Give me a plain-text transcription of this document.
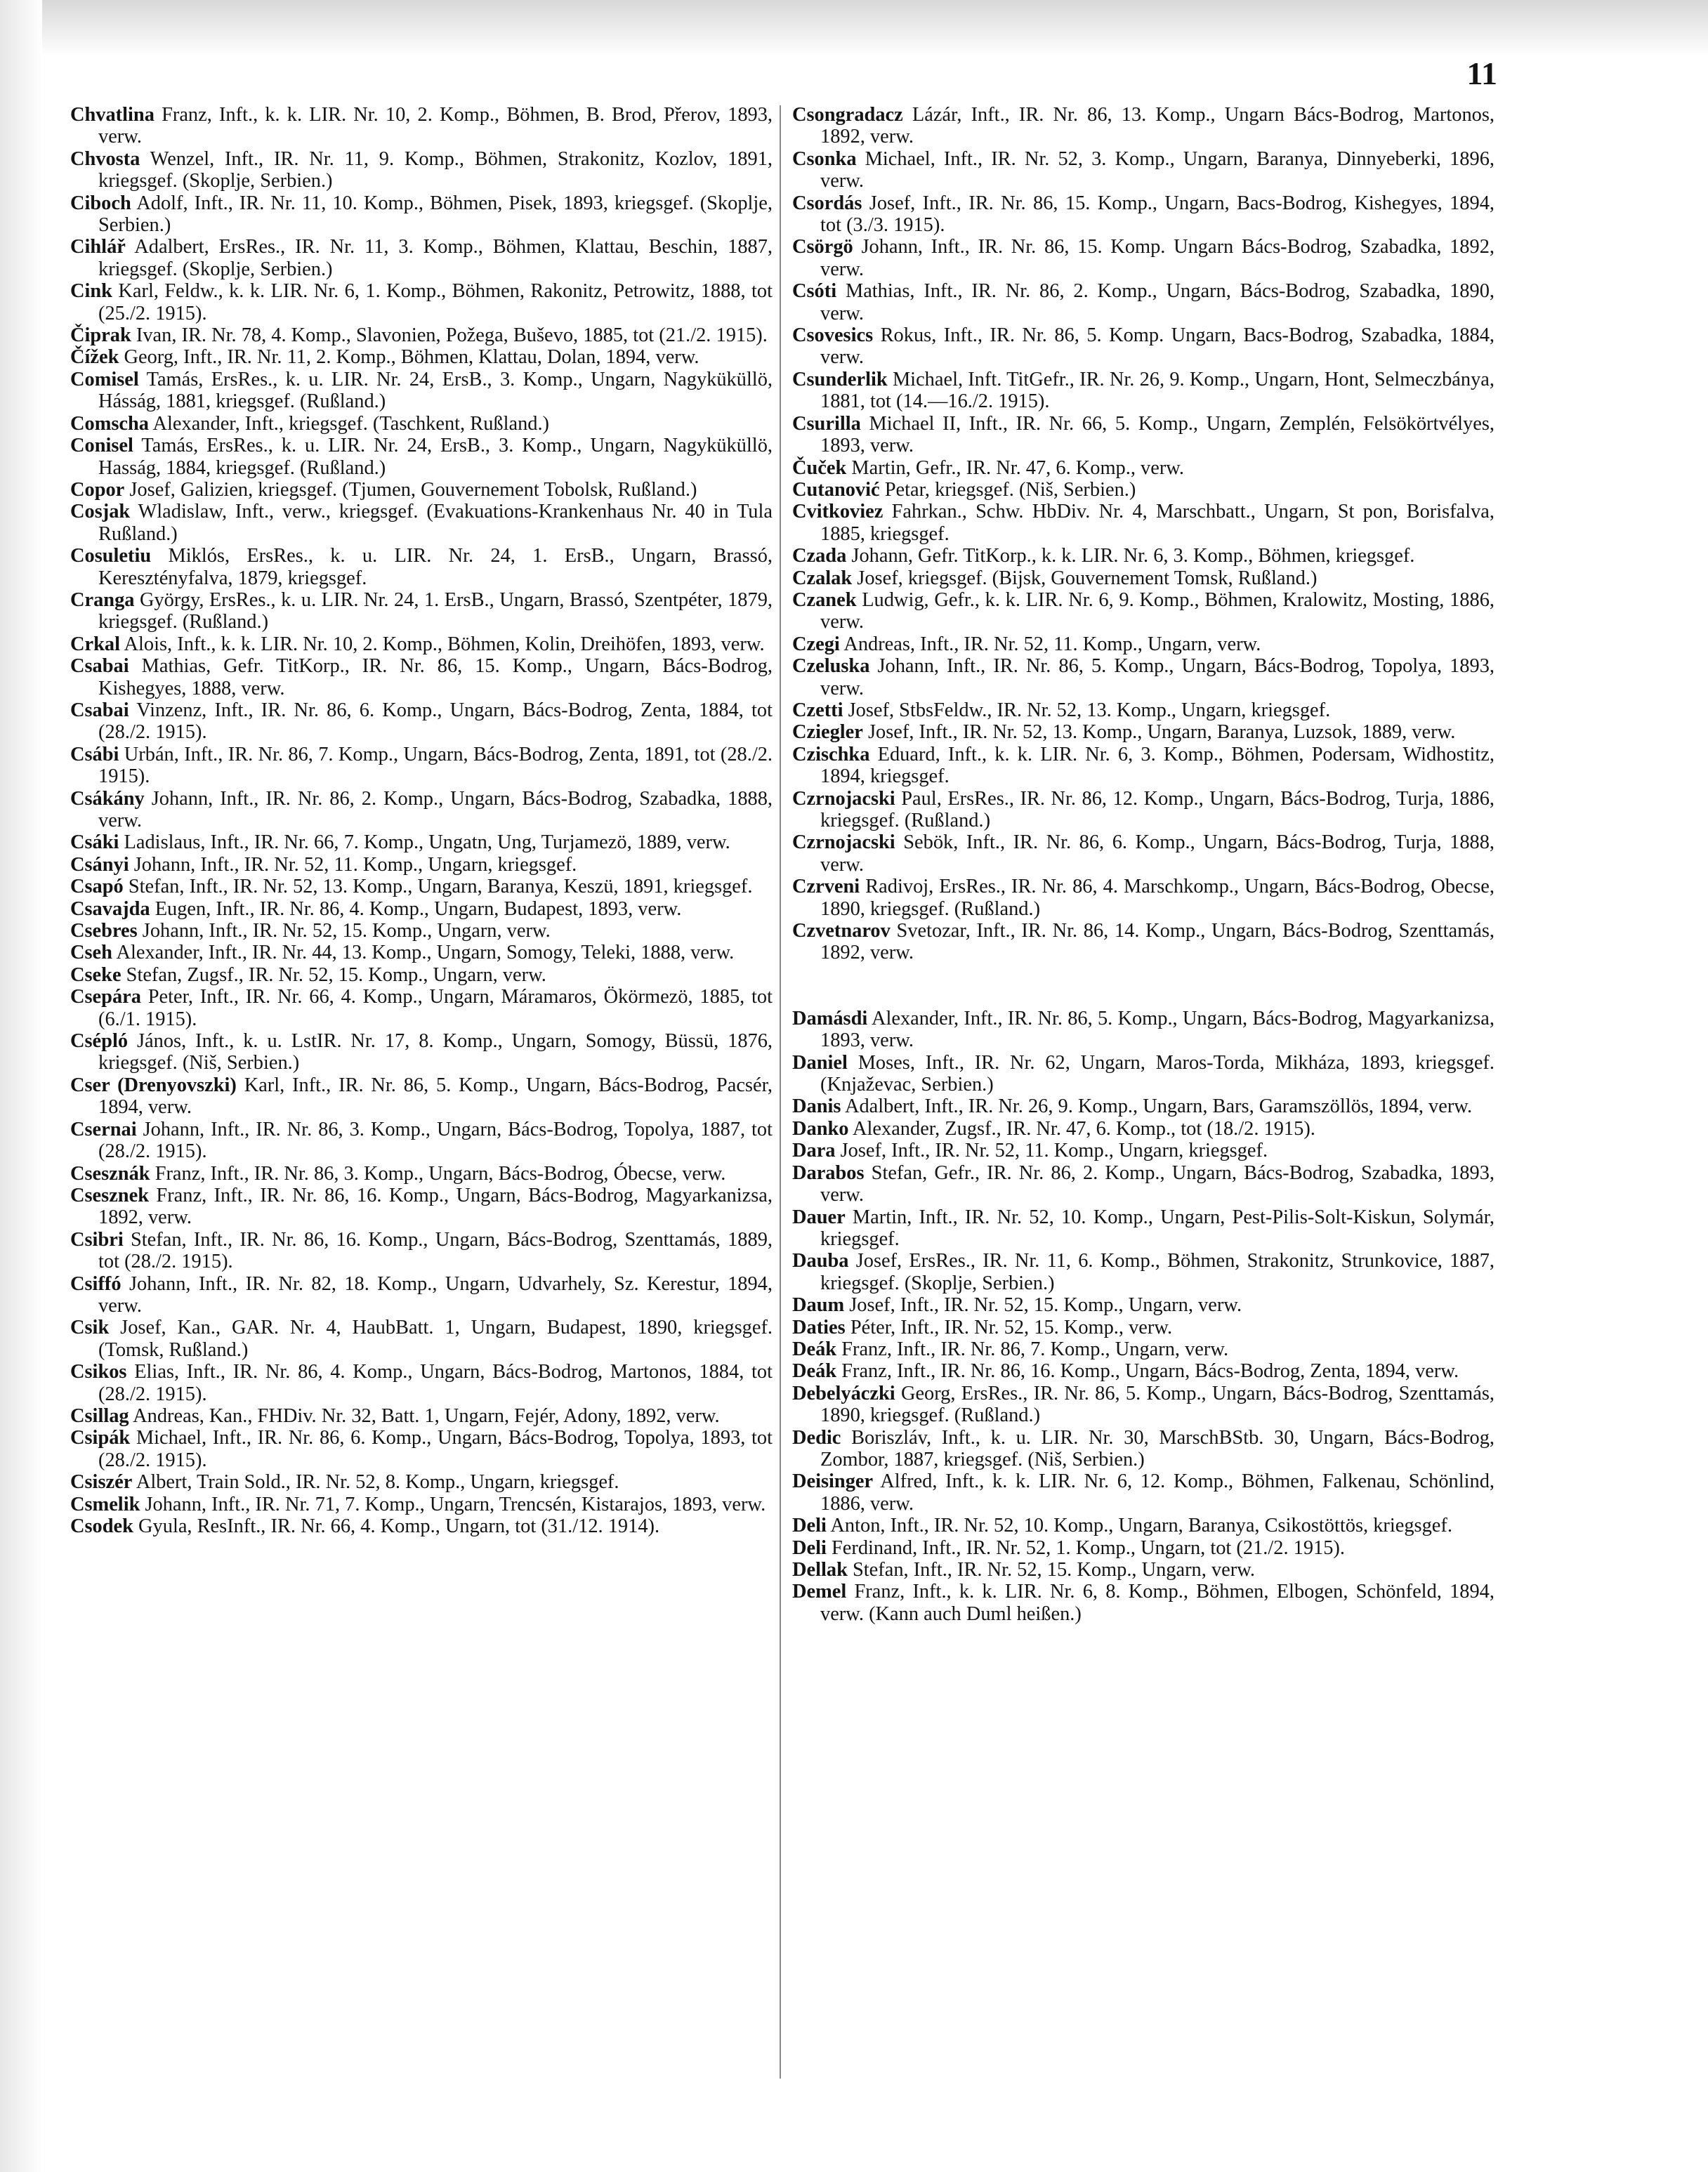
11

Chvatlina Franz, Inft., k. k. LIR. Nr. 10, 2. Komp., Böhmen, B. Brod, Přerov, 1893, verw.

Chvosta Wenzel, Inft., IR. Nr. 11, 9. Komp., Böhmen, Strakonitz, Kozlov, 1891, kriegsgef. (Skoplje, Serbien.)

Ciboch Adolf, Inft., IR. Nr. 11, 10. Komp., Böhmen, Pisek, 1893, kriegsgef. (Skoplje, Serbien.)

Cihlář Adalbert, ErsRes., IR. Nr. 11, 3. Komp., Böhmen, Klattau, Beschin, 1887, kriegsgef. (Skoplje, Serbien.)

Cink Karl, Feldw., k. k. LIR. Nr. 6, 1. Komp., Böhmen, Rakonitz, Petrowitz, 1888, tot (25./2. 1915).

Čiprak Ivan, IR. Nr. 78, 4. Komp., Slavonien, Požega, Buševo, 1885, tot (21./2. 1915).

Čížek Georg, Inft., IR. Nr. 11, 2. Komp., Böhmen, Klattau, Dolan, 1894, verw.

Comisel Tamás, ErsRes., k. u. LIR. Nr. 24, ErsB., 3. Komp., Ungarn, Nagyküküllö, Hásság, 1881, kriegsgef. (Rußland.)

Comscha Alexander, Inft., kriegsgef. (Taschkent, Rußland.)

Conisel Tamás, ErsRes., k. u. LIR. Nr. 24, ErsB., 3. Komp., Ungarn, Nagyküküllö, Hasság, 1884, kriegsgef. (Rußland.)

Copor Josef, Galizien, kriegsgef. (Tjumen, Gouvernement Tobolsk, Rußland.)

Cosjak Wladislaw, Inft., verw., kriegsgef. (Evakuations-Krankenhaus Nr. 40 in Tula Rußland.)

Cosuletiu Miklós, ErsRes., k. u. LIR. Nr. 24, 1. ErsB., Ungarn, Brassó, Keresztényfalva, 1879, kriegsgef.

Cranga György, ErsRes., k. u. LIR. Nr. 24, 1. ErsB., Ungarn, Brassó, Szentpéter, 1879, kriegsgef. (Rußland.)

Crkal Alois, Inft., k. k. LIR. Nr. 10, 2. Komp., Böhmen, Kolin, Dreihöfen, 1893, verw.

Csabai Mathias, Gefr. TitKorp., IR. Nr. 86, 15. Komp., Ungarn, Bács-Bodrog, Kishegyes, 1888, verw.

Csabai Vinzenz, Inft., IR. Nr. 86, 6. Komp., Ungarn, Bács-Bodrog, Zenta, 1884, tot (28./2. 1915).

Csábi Urbán, Inft., IR. Nr. 86, 7. Komp., Ungarn, Bács-Bodrog, Zenta, 1891, tot (28./2. 1915).

Csákány Johann, Inft., IR. Nr. 86, 2. Komp., Ungarn, Bács-Bodrog, Szabadka, 1888, verw.

Csáki Ladislaus, Inft., IR. Nr. 66, 7. Komp., Ungatn, Ung, Turjamezö, 1889, verw.

Csányi Johann, Inft., IR. Nr. 52, 11. Komp., Ungarn, kriegsgef.

Csapó Stefan, Inft., IR. Nr. 52, 13. Komp., Ungarn, Baranya, Keszü, 1891, kriegsgef.

Csavajda Eugen, Inft., IR. Nr. 86, 4. Komp., Ungarn, Budapest, 1893, verw.

Csebres Johann, Inft., IR. Nr. 52, 15. Komp., Ungarn, verw.

Cseh Alexander, Inft., IR. Nr. 44, 13. Komp., Ungarn, Somogy, Teleki, 1888, verw.

Cseke Stefan, Zugsf., IR. Nr. 52, 15. Komp., Ungarn, verw.

Csepára Peter, Inft., IR. Nr. 66, 4. Komp., Ungarn, Máramaros, Ökörmezö, 1885, tot (6./1. 1915).

Csépló János, Inft., k. u. LstIR. Nr. 17, 8. Komp., Ungarn, Somogy, Büssü, 1876, kriegsgef. (Niš, Serbien.)

Cser (Drenyovszki) Karl, Inft., IR. Nr. 86, 5. Komp., Ungarn, Bács-Bodrog, Pacsér, 1894, verw.

Csernai Johann, Inft., IR. Nr. 86, 3. Komp., Ungarn, Bács-Bodrog, Topolya, 1887, tot (28./2. 1915).

Csesznák Franz, Inft., IR. Nr. 86, 3. Komp., Ungarn, Bács-Bodrog, Óbecse, verw.

Csesznek Franz, Inft., IR. Nr. 86, 16. Komp., Ungarn, Bács-Bodrog, Magyarkanizsa, 1892, verw.

Csibri Stefan, Inft., IR. Nr. 86, 16. Komp., Ungarn, Bács-Bodrog, Szenttamás, 1889, tot (28./2. 1915).

Csiffó Johann, Inft., IR. Nr. 82, 18. Komp., Ungarn, Udvarhely, Sz. Kerestur, 1894, verw.

Csik Josef, Kan., GAR. Nr. 4, HaubBatt. 1, Ungarn, Budapest, 1890, kriegsgef. (Tomsk, Rußland.)

Csikos Elias, Inft., IR. Nr. 86, 4. Komp., Ungarn, Bács-Bodrog, Martonos, 1884, tot (28./2. 1915).

Csillag Andreas, Kan., FHDiv. Nr. 32, Batt. 1, Ungarn, Fejér, Adony, 1892, verw.

Csipák Michael, Inft., IR. Nr. 86, 6. Komp., Ungarn, Bács-Bodrog, Topolya, 1893, tot (28./2. 1915).

Csiszér Albert, Train Sold., IR. Nr. 52, 8. Komp., Ungarn, kriegsgef.

Csmelik Johann, Inft., IR. Nr. 71, 7. Komp., Ungarn, Trencsén, Kistarajos, 1893, verw.

Csodek Gyula, ResInft., IR. Nr. 66, 4. Komp., Ungarn, tot (31./12. 1914).

Csongradacz Lázár, Inft., IR. Nr. 86, 13. Komp., Ungarn Bács-Bodrog, Martonos, 1892, verw.

Csonka Michael, Inft., IR. Nr. 52, 3. Komp., Ungarn, Baranya, Dinnyeberki, 1896, verw.

Csordás Josef, Inft., IR. Nr. 86, 15. Komp., Ungarn, Bacs-Bodrog, Kishegyes, 1894, tot (3./3. 1915).

Csörgö Johann, Inft., IR. Nr. 86, 15. Komp. Ungarn Bács-Bodrog, Szabadka, 1892, verw.

Csóti Mathias, Inft., IR. Nr. 86, 2. Komp., Ungarn, Bács-Bodrog, Szabadka, 1890, verw.

Csovesics Rokus, Inft., IR. Nr. 86, 5. Komp. Ungarn, Bacs-Bodrog, Szabadka, 1884, verw.

Csunderlik Michael, Inft. TitGefr., IR. Nr. 26, 9. Komp., Ungarn, Hont, Selmeczbánya, 1881, tot (14.—16./2. 1915).

Csurilla Michael II, Inft., IR. Nr. 66, 5. Komp., Ungarn, Zemplén, Felsökörtvélyes, 1893, verw.

Čuček Martin, Gefr., IR. Nr. 47, 6. Komp., verw.

Cutanović Petar, kriegsgef. (Niš, Serbien.)

Cvitkoviez Fahrkan., Schw. HbDiv. Nr. 4, Marschbatt., Ungarn, St pon, Borisfalva, 1885, kriegsgef.

Czada Johann, Gefr. TitKorp., k. k. LIR. Nr. 6, 3. Komp., Böhmen, kriegsgef.

Czalak Josef, kriegsgef. (Bijsk, Gouvernement Tomsk, Rußland.)

Czanek Ludwig, Gefr., k. k. LIR. Nr. 6, 9. Komp., Böhmen, Kralowitz, Mosting, 1886, verw.

Czegi Andreas, Inft., IR. Nr. 52, 11. Komp., Ungarn, verw.

Czeluska Johann, Inft., IR. Nr. 86, 5. Komp., Ungarn, Bács-Bodrog, Topolya, 1893, verw.

Czetti Josef, StbsFeldw., IR. Nr. 52, 13. Komp., Ungarn, kriegsgef.

Cziegler Josef, Inft., IR. Nr. 52, 13. Komp., Ungarn, Baranya, Luzsok, 1889, verw.

Czischka Eduard, Inft., k. k. LIR. Nr. 6, 3. Komp., Böhmen, Podersam, Widhostitz, 1894, kriegsgef.

Czrnojacski Paul, ErsRes., IR. Nr. 86, 12. Komp., Ungarn, Bács-Bodrog, Turja, 1886, kriegsgef. (Rußland.)

Czrnojacski Sebök, Inft., IR. Nr. 86, 6. Komp., Ungarn, Bács-Bodrog, Turja, 1888, verw.

Czrveni Radivoj, ErsRes., IR. Nr. 86, 4. Marschkomp., Ungarn, Bács-Bodrog, Obecse, 1890, kriegsgef. (Rußland.)

Czvetnarov Svetozar, Inft., IR. Nr. 86, 14. Komp., Ungarn, Bács-Bodrog, Szenttamás, 1892, verw.

Damásdi Alexander, Inft., IR. Nr. 86, 5. Komp., Ungarn, Bács-Bodrog, Magyarkanizsa, 1893, verw.

Daniel Moses, Inft., IR. Nr. 62, Ungarn, Maros-Torda, Mikháza, 1893, kriegsgef. (Knjaževac, Serbien.)

Danis Adalbert, Inft., IR. Nr. 26, 9. Komp., Ungarn, Bars, Garamszöllös, 1894, verw.

Danko Alexander, Zugsf., IR. Nr. 47, 6. Komp., tot (18./2. 1915).

Dara Josef, Inft., IR. Nr. 52, 11. Komp., Ungarn, kriegsgef.

Darabos Stefan, Gefr., IR. Nr. 86, 2. Komp., Ungarn, Bács-Bodrog, Szabadka, 1893, verw.

Dauer Martin, Inft., IR. Nr. 52, 10. Komp., Ungarn, Pest-Pilis-Solt-Kiskun, Solymár, kriegsgef.

Dauba Josef, ErsRes., IR. Nr. 11, 6. Komp., Böhmen, Strakonitz, Strunkovice, 1887, kriegsgef. (Skoplje, Serbien.)

Daum Josef, Inft., IR. Nr. 52, 15. Komp., Ungarn, verw.

Daties Péter, Inft., IR. Nr. 52, 15. Komp., verw.

Deák Franz, Inft., IR. Nr. 86, 7. Komp., Ungarn, verw.

Deák Franz, Inft., IR. Nr. 86, 16. Komp., Ungarn, Bács-Bodrog, Zenta, 1894, verw.

Debelyáczki Georg, ErsRes., IR. Nr. 86, 5. Komp., Ungarn, Bács-Bodrog, Szenttamás, 1890, kriegsgef. (Rußland.)

Dedic Boriszláv, Inft., k. u. LIR. Nr. 30, MarschBStb. 30, Ungarn, Bács-Bodrog, Zombor, 1887, kriegsgef. (Niš, Serbien.)

Deisinger Alfred, Inft., k. k. LIR. Nr. 6, 12. Komp., Böhmen, Falkenau, Schönlind, 1886, verw.

Deli Anton, Inft., IR. Nr. 52, 10. Komp., Ungarn, Baranya, Csikostöttös, kriegsgef.

Deli Ferdinand, Inft., IR. Nr. 52, 1. Komp., Ungarn, tot (21./2. 1915).

Dellak Stefan, Inft., IR. Nr. 52, 15. Komp., Ungarn, verw.

Demel Franz, Inft., k. k. LIR. Nr. 6, 8. Komp., Böhmen, Elbogen, Schönfeld, 1894, verw. (Kann auch Duml heißen.)
